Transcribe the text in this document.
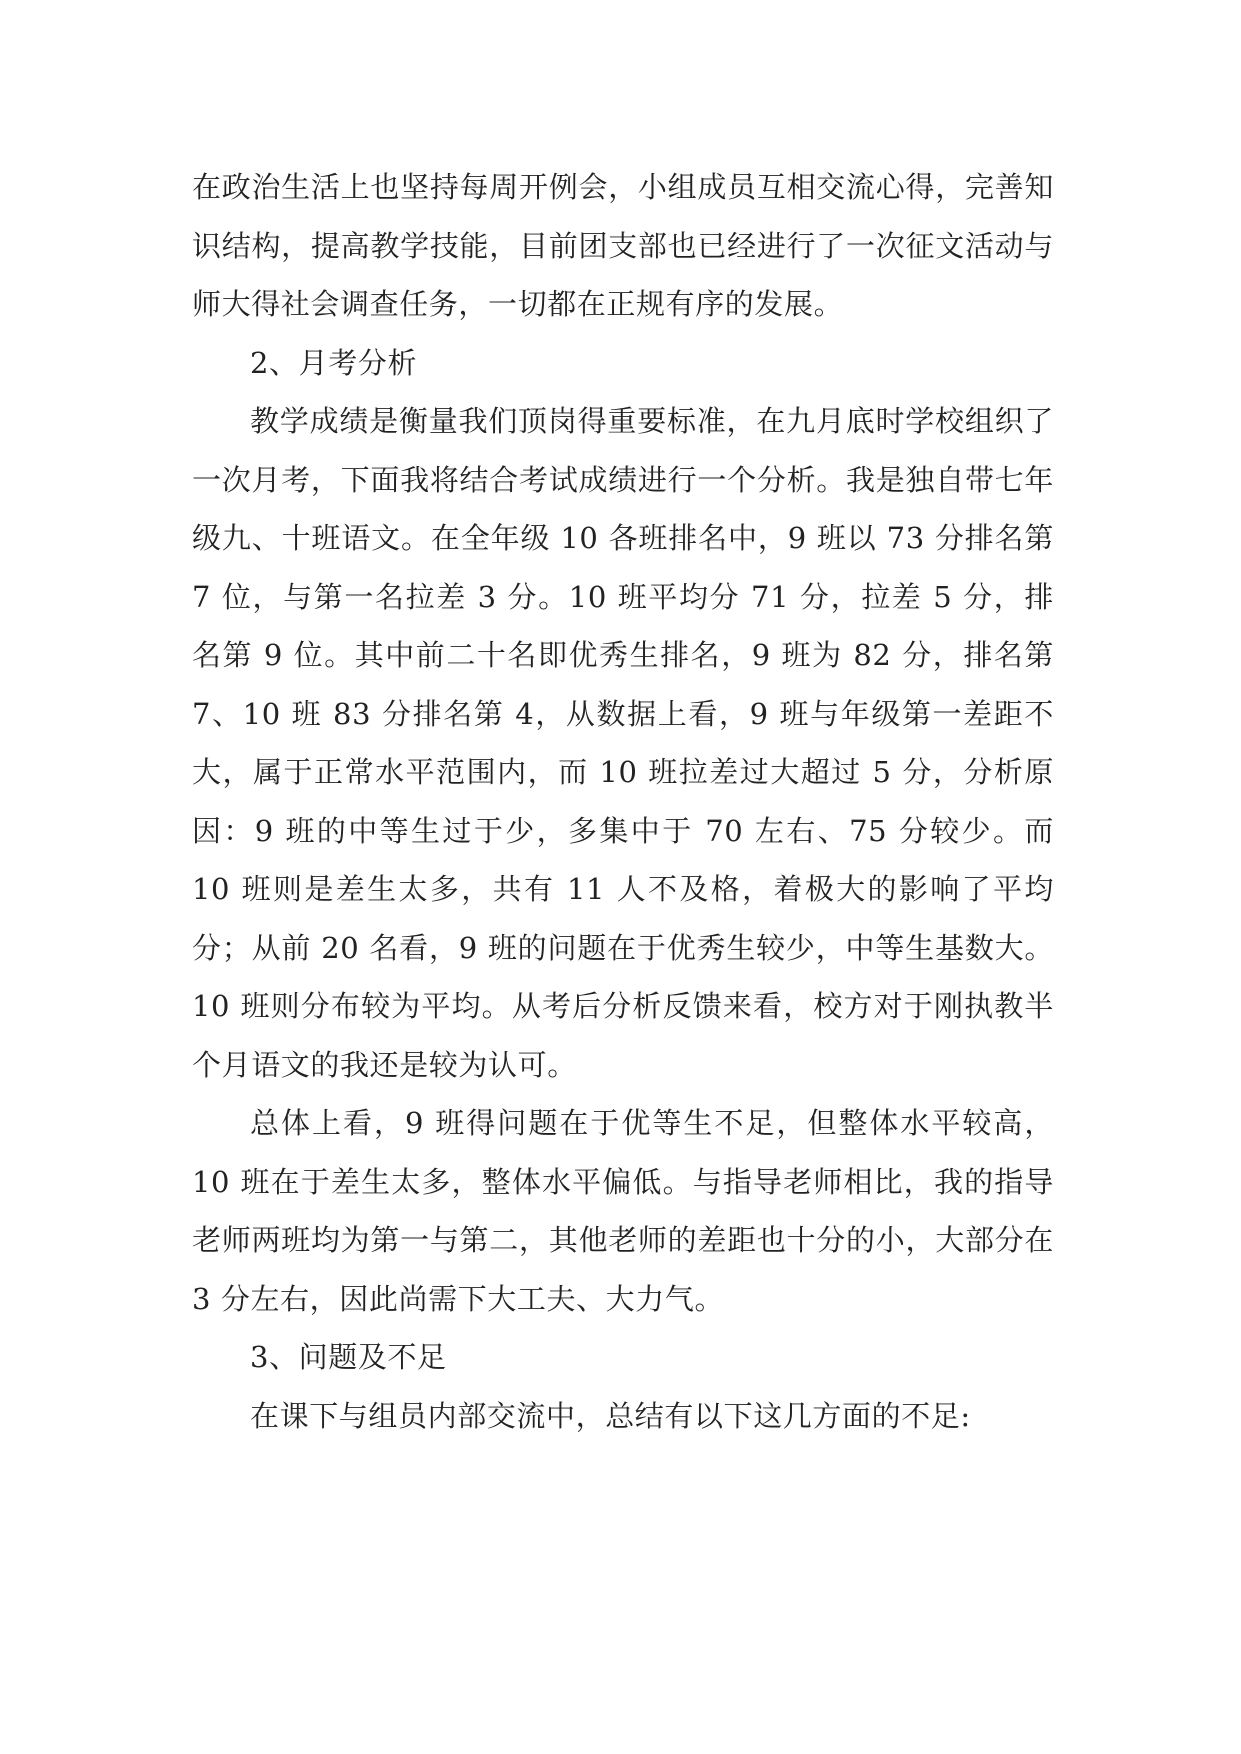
在政治生活上也坚持每周开例会，小组成员互相交流心得，完善知识结构，提高教学技能，目前团支部也已经进行了一次征文活动与师大得社会调查任务，一切都在正规有序的发展。

2、月考分析

教学成绩是衡量我们顶岗得重要标准，在九月底时学校组织了一次月考，下面我将结合考试成绩进行一个分析。我是独自带七年级九、十班语文。在全年级 10 各班排名中，9 班以 73 分排名第 7 位，与第一名拉差 3 分。10 班平均分 71 分，拉差 5 分，排名第 9 位。其中前二十名即优秀生排名，9 班为 82 分，排名第 7、10 班 83 分排名第 4，从数据上看，9 班与年级第一差距不大，属于正常水平范围内，而 10 班拉差过大超过 5 分，分析原因：9 班的中等生过于少，多集中于 70 左右、75 分较少。而 10 班则是差生太多，共有 11 人不及格，着极大的影响了平均分；从前 20 名看，9 班的问题在于优秀生较少，中等生基数大。10 班则分布较为平均。从考后分析反馈来看，校方对于刚执教半个月语文的我还是较为认可。

总体上看，9 班得问题在于优等生不足，但整体水平较高，10 班在于差生太多，整体水平偏低。与指导老师相比，我的指导老师两班均为第一与第二，其他老师的差距也十分的小，大部分在 3 分左右，因此尚需下大工夫、大力气。

3、问题及不足

在课下与组员内部交流中，总结有以下这几方面的不足:
